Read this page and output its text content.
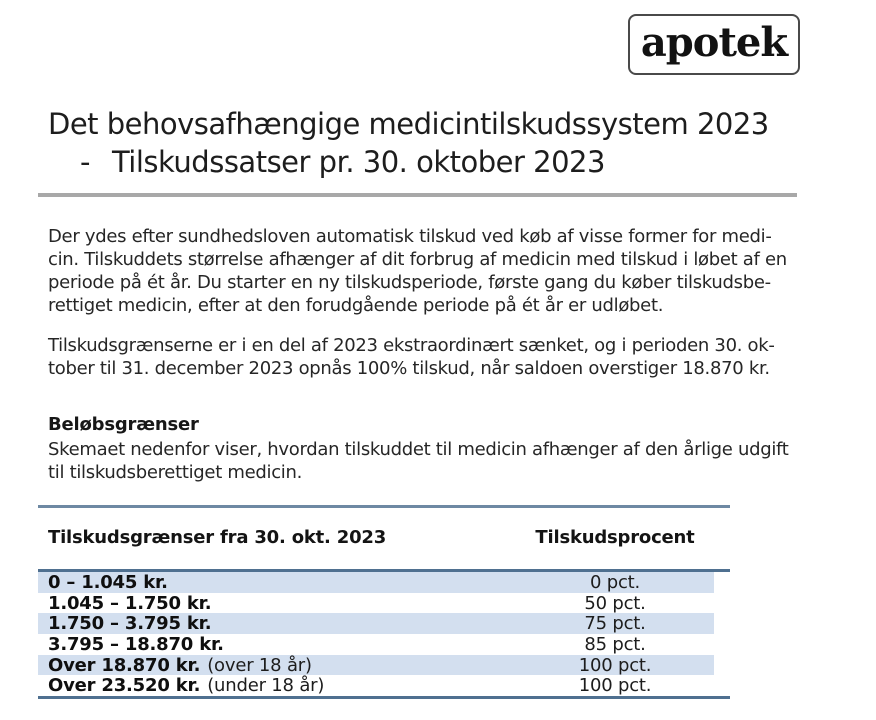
apotek
Det behovsafhængige medicintilskudssystem 2023
- Tilskudssatser pr. 30. oktober 2023
Der ydes efter sundhedsloven automatisk tilskud ved køb af visse former for medi-
cin. Tilskuddets størrelse afhænger af dit forbrug af medicin med tilskud i løbet af en
periode på ét år. Du starter en ny tilskudsperiode, første gang du køber tilskudsbe-
rettiget medicin, efter at den forudgående periode på ét år er udløbet.
Tilskudsgrænserne er i en del af 2023 ekstraordinært sænket, og i perioden 30. ok-
tober til 31. december 2023 opnås 100% tilskud, når saldoen overstiger 18.870 kr.
Beløbsgrænser
Skemaet nedenfor viser, hvordan tilskuddet til medicin afhænger af den årlige udgift
til tilskudsberettiget medicin.
Tilskudsgrænser fra 30. okt. 2023	Tilskudsprocent
0 – 1.045 kr.	0 pct.
1.045 – 1.750 kr.	50 pct.
1.750 – 3.795 kr.	75 pct.
3.795 – 18.870 kr.	85 pct.
Over 18.870 kr. (over 18 år)	100 pct.
Over 23.520 kr. (under 18 år)	100 pct.
